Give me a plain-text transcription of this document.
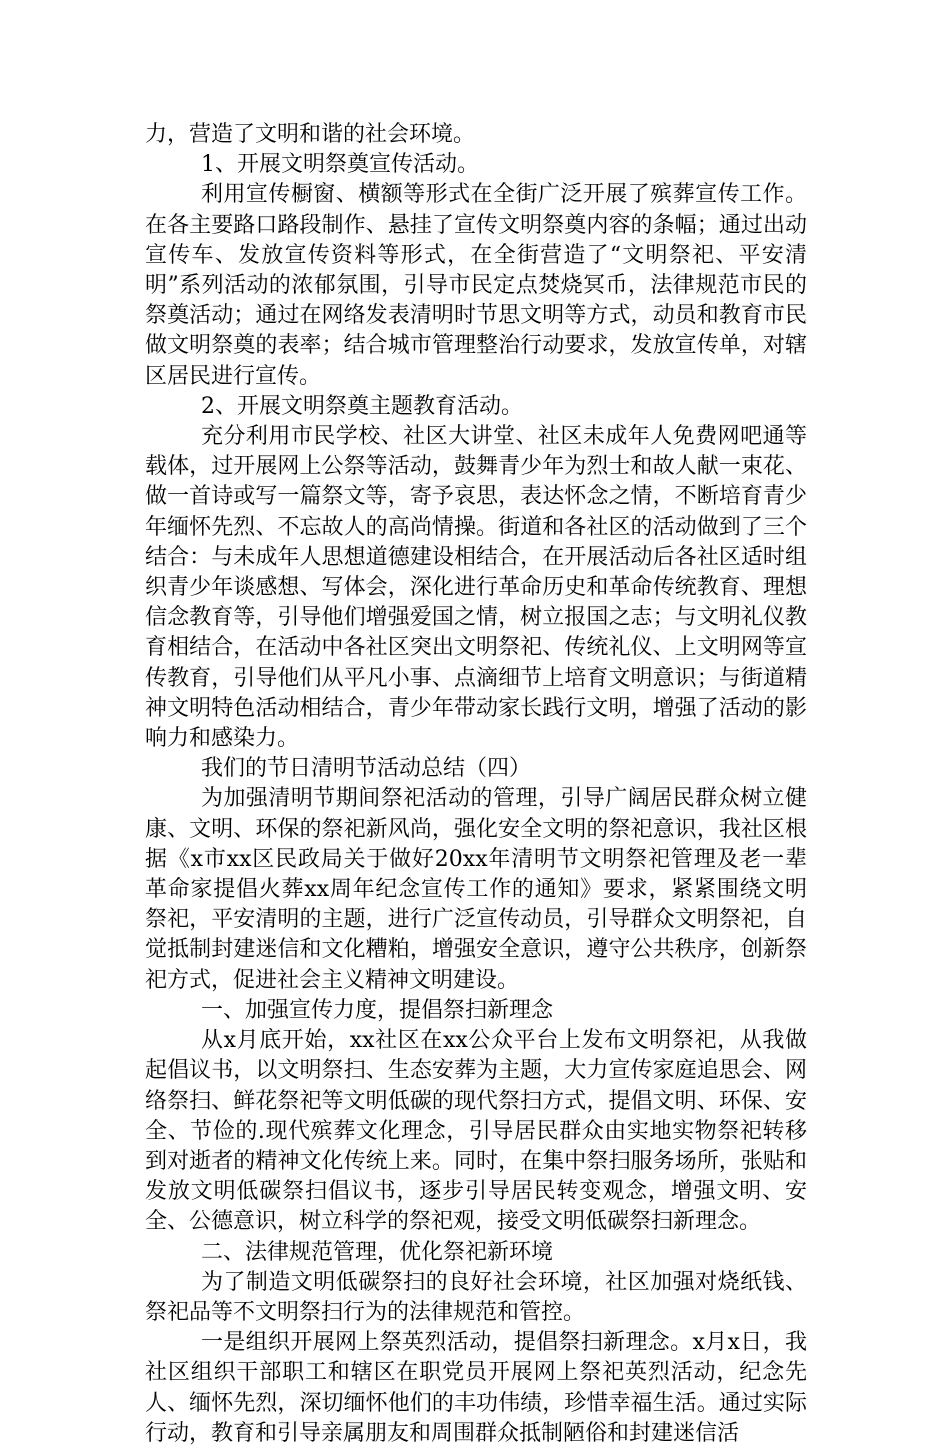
力，营造了文明和谐的社会环境。

1、开展文明祭奠宣传活动。

利用宣传橱窗、横额等形式在全街广泛开展了殡葬宣传工作。在各主要路口路段制作、悬挂了宣传文明祭奠内容的条幅；通过出动宣传车、发放宣传资料等形式，在全街营造了“文明祭祀、平安清明”系列活动的浓郁氛围，引导市民定点焚烧冥币，法律规范市民的祭奠活动；通过在网络发表清明时节思文明等方式，动员和教育市民做文明祭奠的表率；结合城市管理整治行动要求，发放宣传单，对辖区居民进行宣传。

2、开展文明祭奠主题教育活动。

充分利用市民学校、社区大讲堂、社区未成年人免费网吧通等载体，过开展网上公祭等活动，鼓舞青少年为烈士和故人献一束花、做一首诗或写一篇祭文等，寄予哀思，表达怀念之情，不断培育青少年缅怀先烈、不忘故人的高尚情操。街道和各社区的活动做到了三个结合：与未成年人思想道德建设相结合，在开展活动后各社区适时组织青少年谈感想、写体会，深化进行革命历史和革命传统教育、理想信念教育等，引导他们增强爱国之情，树立报国之志；与文明礼仪教育相结合，在活动中各社区突出文明祭祀、传统礼仪、上文明网等宣传教育，引导他们从平凡小事、点滴细节上培育文明意识；与街道精神文明特色活动相结合，青少年带动家长践行文明，增强了活动的影响力和感染力。

我们的节日清明节活动总结（四）

为加强清明节期间祭祀活动的管理，引导广阔居民群众树立健康、文明、环保的祭祀新风尚，强化安全文明的祭祀意识，我社区根据《x市xx区民政局关于做好20xx年清明节文明祭祀管理及老一辈革命家提倡火葬xx周年纪念宣传工作的通知》要求，紧紧围绕文明祭祀，平安清明的主题，进行广泛宣传动员，引导群众文明祭祀，自觉抵制封建迷信和文化糟粕，增强安全意识，遵守公共秩序，创新祭祀方式，促进社会主义精神文明建设。

一、加强宣传力度，提倡祭扫新理念

从x月底开始，xx社区在xx公众平台上发布文明祭祀，从我做起倡议书，以文明祭扫、生态安葬为主题，大力宣传家庭追思会、网络祭扫、鲜花祭祀等文明低碳的现代祭扫方式，提倡文明、环保、安全、节俭的.现代殡葬文化理念，引导居民群众由实地实物祭祀转移到对逝者的精神文化传统上来。同时，在集中祭扫服务场所，张贴和发放文明低碳祭扫倡议书，逐步引导居民转变观念，增强文明、安全、公德意识，树立科学的祭祀观，接受文明低碳祭扫新理念。

二、法律规范管理，优化祭祀新环境

为了制造文明低碳祭扫的良好社会环境，社区加强对烧纸钱、祭祀品等不文明祭扫行为的法律规范和管控。

一是组织开展网上祭英烈活动，提倡祭扫新理念。x月x日，我社区组织干部职工和辖区在职党员开展网上祭祀英烈活动，纪念先人、缅怀先烈，深切缅怀他们的丰功伟绩，珍惜幸福生活。通过实际行动，教育和引导亲属朋友和周围群众抵制陋俗和封建迷信活
